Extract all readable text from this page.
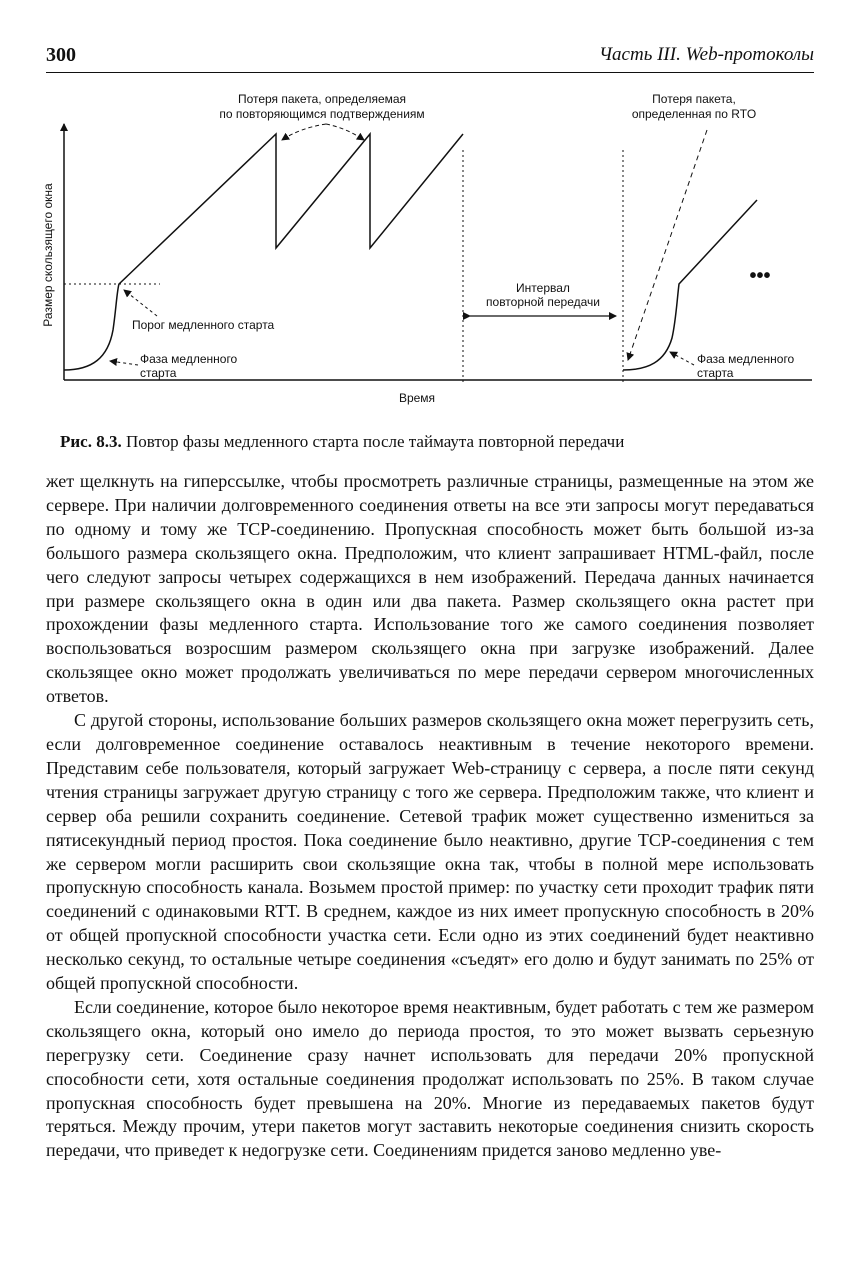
300	Часть III. Web-протоколы
Потеря пакета, определяемая
по повторяющимся подтверждениям
Потеря пакета,
определенная по RTO
Размер скользящего окна	Интервал
повторной передачи
Порог медленного старта
Фаза медленного
старта
Фаза медленного
старта
Время
•••
Рис. 8.3. Повтор фазы медленного старта после таймаута повторной передачи

жет щелкнуть на гиперссылке, чтобы просмотреть различные страницы, размещенные на этом же сервере. При наличии долговременного соединения ответы на все эти запросы могут передаваться по одному и тому же TCP-соединению. Пропускная способность может быть большой из-за большого размера скользящего окна. Предположим, что клиент запрашивает HTML-файл, после чего следуют запросы четырех содержащихся в нем изображений. Передача данных начинается при размере скользящего окна в один или два пакета. Размер скользящего окна растет при прохождении фазы медленного старта. Использование того же самого соединения позволяет воспользоваться возросшим размером скользящего окна при загрузке изображений. Далее скользящее окно может продолжать увеличиваться по мере передачи сервером многочисленных ответов.

С другой стороны, использование больших размеров скользящего окна может перегрузить сеть, если долговременное соединение оставалось неактивным в течение некоторого времени. Представим себе пользователя, который загружает Web-страницу с сервера, а после пяти секунд чтения страницы загружает другую страницу с того же сервера. Предположим также, что клиент и сервер оба решили сохранить соединение. Сетевой трафик может существенно измениться за пятисекундный период простоя. Пока соединение было неактивно, другие TCP-соединения с тем же сервером могли расширить свои скользящие окна так, чтобы в полной мере использовать пропускную способность канала. Возьмем простой пример: по участку сети проходит трафик пяти соединений с одинаковыми RTT. В среднем, каждое из них имеет пропускную способность в 20% от общей пропускной способности участка сети. Если одно из этих соединений будет неактивно несколько секунд, то остальные четыре соединения «съедят» его долю и будут занимать по 25% от общей пропускной способности.

Если соединение, которое было некоторое время неактивным, будет работать с тем же размером скользящего окна, который оно имело до периода простоя, то это может вызвать серьезную перегрузку сети. Соединение сразу начнет использовать для передачи 20% пропускной способности сети, хотя остальные соединения продолжат использовать по 25%. В таком случае пропускная способность будет превышена на 20%. Многие из передаваемых пакетов будут теряться. Между прочим, утери пакетов могут заставить некоторые соединения снизить скорость передачи, что приведет к недогрузке сети. Соединениям придется заново медленно уве-
